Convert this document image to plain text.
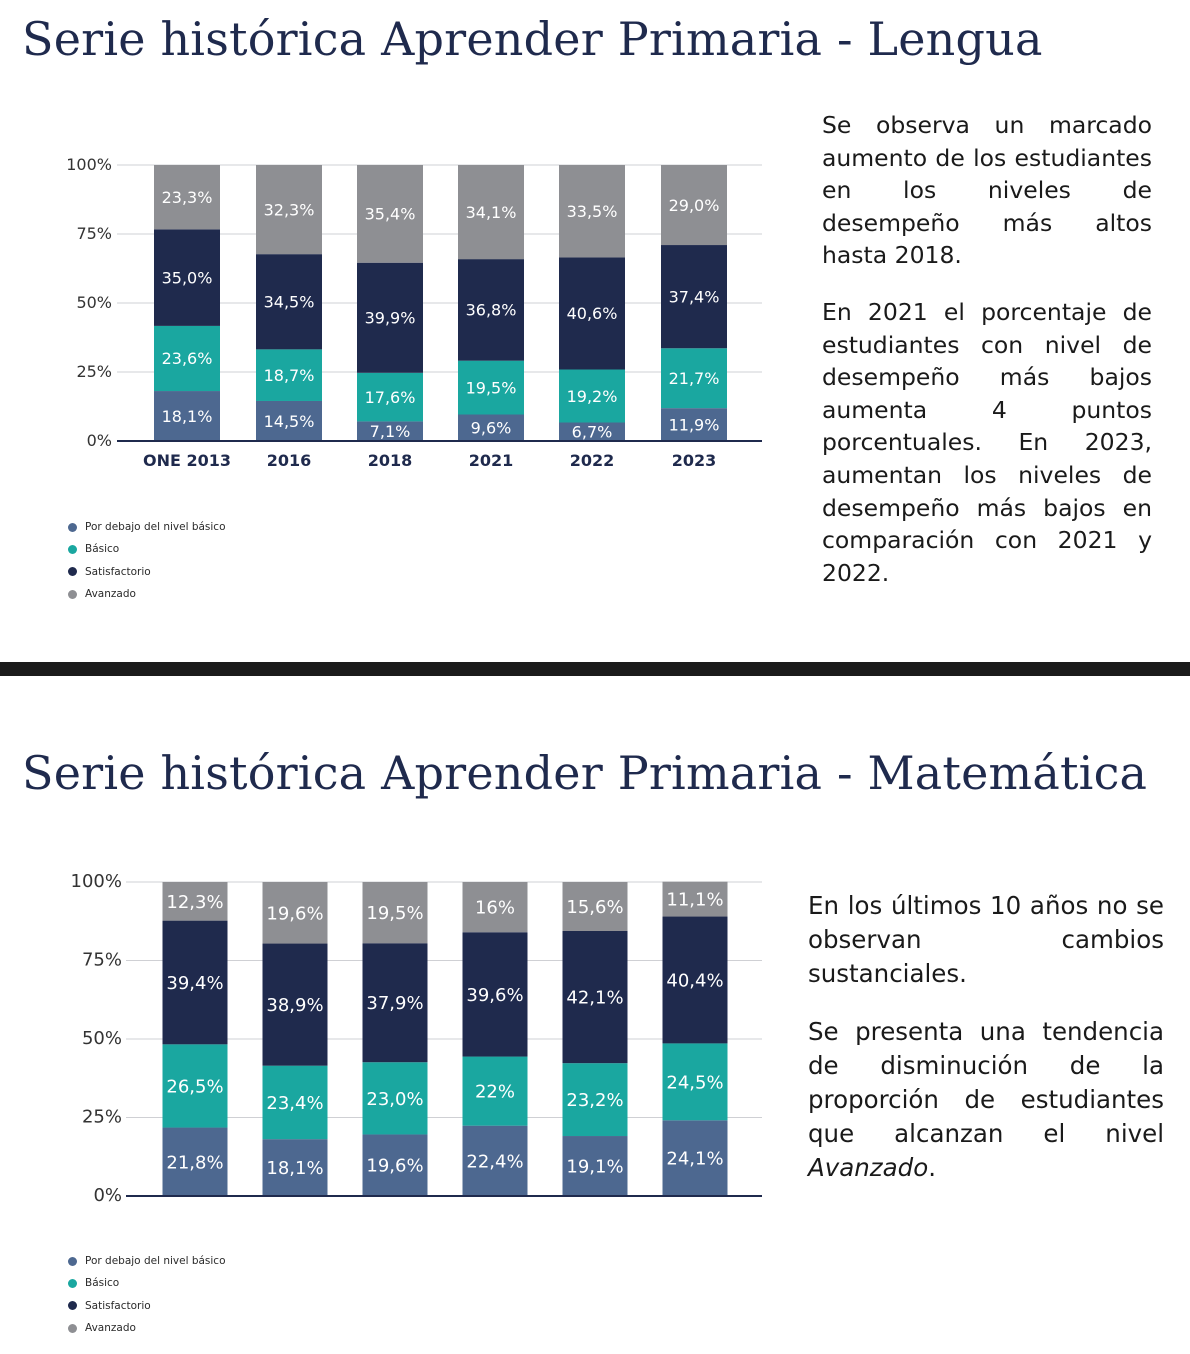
Serie histórica Aprender Primaria - Lengua
0%
25%
50%
75%
100%
18,1%
23,6%
35,0%
23,3%
ONE 2013
14,5%
18,7%
34,5%
32,3%
2016
7,1%
17,6%
39,9%
35,4%
2018
9,6%
19,5%
36,8%
34,1%
2021
6,7%
19,2%
40,6%
33,5%
2022
11,9%
21,7%
37,4%
29,0%
2023
Por debajo del nivel básico
Básico
Satisfactorio
Avanzado

Se observa un marcado aumento de los estudiantes en los niveles de desempeño más altos hasta 2018.

En 2021 el porcentaje de estudiantes con nivel de desempeño más bajos aumenta 4 puntos porcentuales. En 2023, aumentan los niveles de desempeño más bajos en comparación con 2021 y 2022.

Serie histórica Aprender Primaria - Matemática
0%
25%
50%
75%
100%
21,8%
26,5%
39,4%
12,3%
18,1%
23,4%
38,9%
19,6%
19,6%
23,0%
37,9%
19,5%
22,4%
22%
39,6%
16%
19,1%
23,2%
42,1%
15,6%
24,1%
24,5%
40,4%
11,1%
Por debajo del nivel básico
Básico
Satisfactorio
Avanzado

En los últimos 10 años no se observan cambios sustanciales.

Se presenta una tendencia de disminución de la proporción de estudiantes que alcanzan el nivel Avanzado.
